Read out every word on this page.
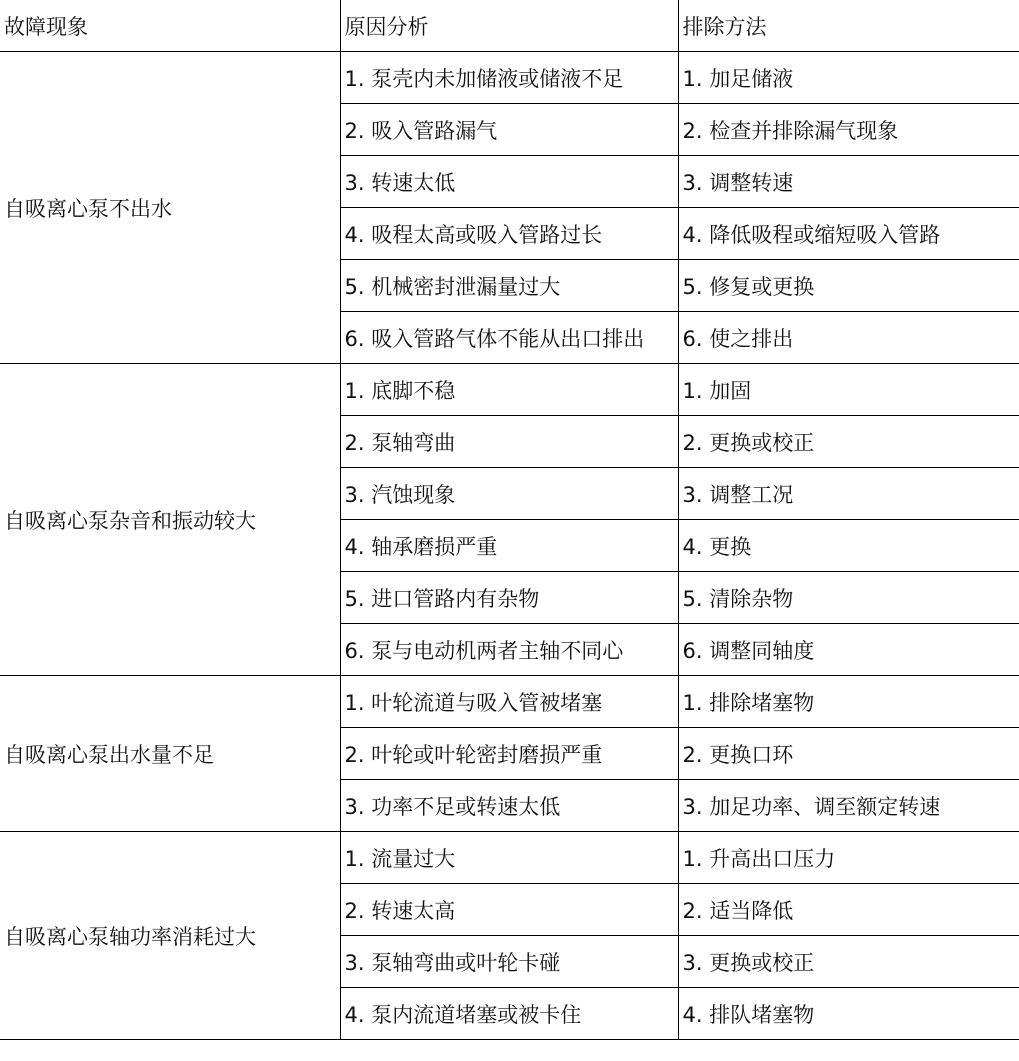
故障现象	原因分析	排除方法
自吸离心泵不出水	1. 泵壳内未加储液或储液不足	1. 加足储液
	2. 吸入管路漏气	2. 检查并排除漏气现象
	3. 转速太低	3. 调整转速
	4. 吸程太高或吸入管路过长	4. 降低吸程或缩短吸入管路
	5. 机械密封泄漏量过大	5. 修复或更换
	6. 吸入管路气体不能从出口排出	6. 使之排出
自吸离心泵杂音和振动较大	1. 底脚不稳	1. 加固
	2. 泵轴弯曲	2. 更换或校正
	3. 汽蚀现象	3. 调整工况
	4. 轴承磨损严重	4. 更换
	5. 进口管路内有杂物	5. 清除杂物
	6. 泵与电动机两者主轴不同心	6. 调整同轴度
自吸离心泵出水量不足	1. 叶轮流道与吸入管被堵塞	1. 排除堵塞物
	2. 叶轮或叶轮密封磨损严重	2. 更换口环
	3. 功率不足或转速太低	3. 加足功率、调至额定转速
自吸离心泵轴功率消耗过大	1. 流量过大	1. 升高出口压力
	2. 转速太高	2. 适当降低
	3. 泵轴弯曲或叶轮卡碰	3. 更换或校正
	4. 泵内流道堵塞或被卡住	4. 排队堵塞物
